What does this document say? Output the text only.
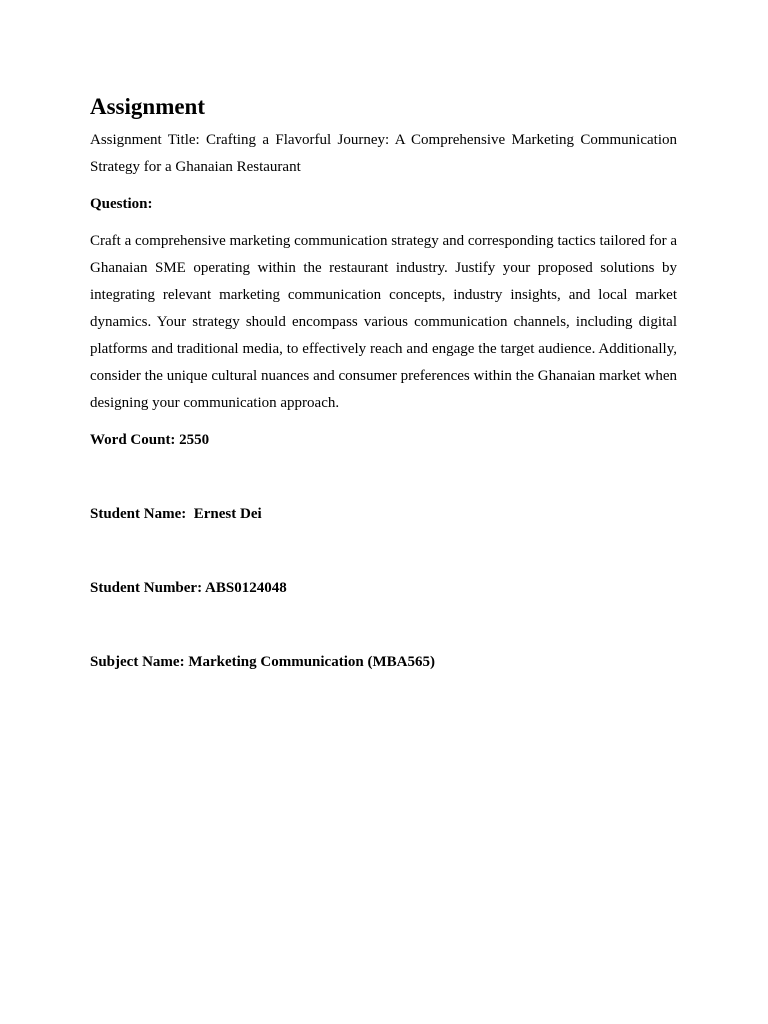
Assignment

Assignment Title: Crafting a Flavorful Journey: A Comprehensive Marketing Communication Strategy for a Ghanaian Restaurant

Question:

Craft a comprehensive marketing communication strategy and corresponding tactics tailored for a Ghanaian SME operating within the restaurant industry. Justify your proposed solutions by integrating relevant marketing communication concepts, industry insights, and local market dynamics. Your strategy should encompass various communication channels, including digital platforms and traditional media, to effectively reach and engage the target audience. Additionally, consider the unique cultural nuances and consumer preferences within the Ghanaian market when designing your communication approach.

Word Count: 2550

Student Name:  Ernest Dei

Student Number: ABS0124048

Subject Name: Marketing Communication (MBA565)
